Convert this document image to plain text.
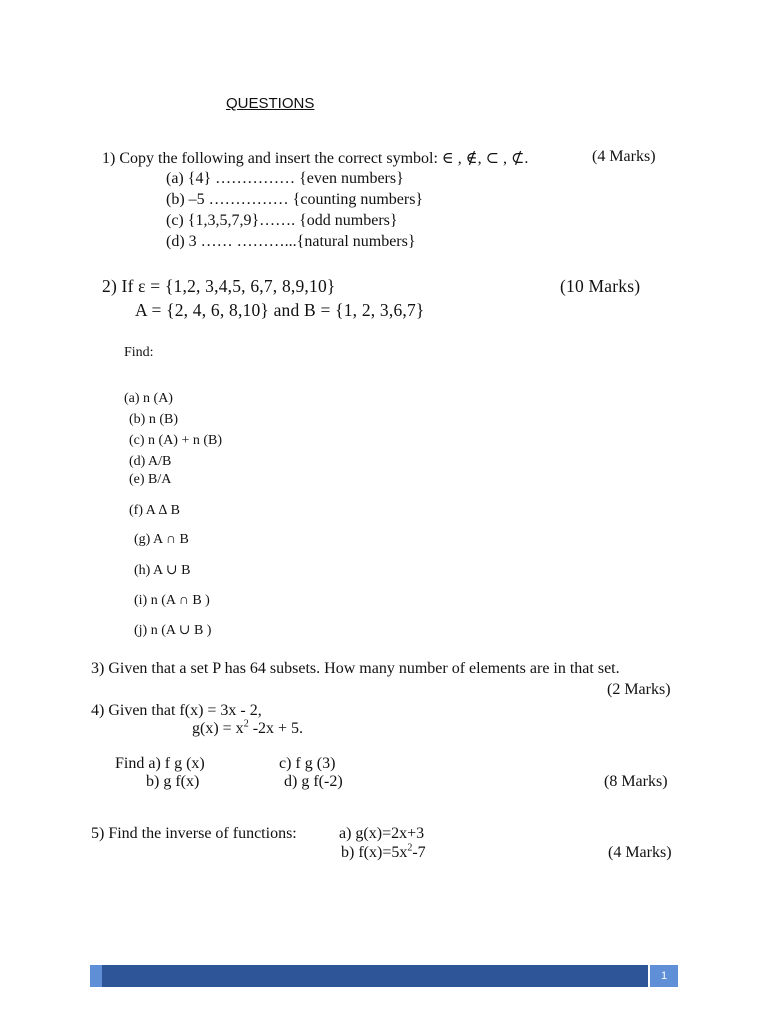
QUESTIONS
1) Copy the following and insert the correct symbol: ∈ , ∉, ⊂ , ⊄.	(4 Marks)
(a) {4} …………… {even numbers}
(b) –5 …………… {counting numbers}
(c) {1,3,5,7,9}……. {odd numbers}
(d) 3 …… ………...{natural numbers}
2) If ε = {1,2, 3,4,5, 6,7, 8,9,10}	(10 Marks)
A = {2, 4, 6, 8,10} and B = {1, 2, 3,6,7}
Find:
(a) n (A)
(b) n (B)
(c) n (A) + n (B)
(d) A/B
(e) B/A
(f) A ∆ B
(g) A ∩ B
(h) A ∪ B
(i) n (A ∩ B )
(j) n (A ∪ B )
3) Given that a set P has 64 subsets. How many number of elements are in that set.
(2 Marks)
4) Given that f(x) = 3x - 2,
$g(x) = x^2$ -2x + 5.
Find a) f g (x)	c) f g (3)
b) g f(x)	d) g f(-2)	(8 Marks)
5) Find the inverse of functions:	a) g(x)=2x+3
b) $f(x)=5x^2-7$	(4 Marks)
1
